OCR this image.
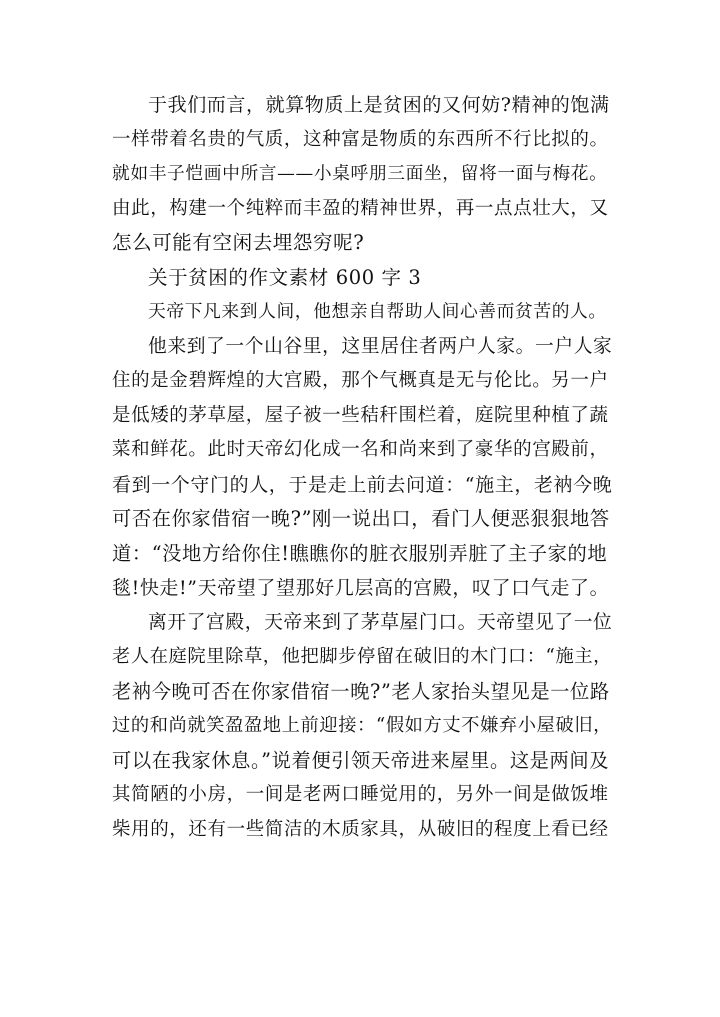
于我们而言，就算物质上是贫困的又何妨?精神的饱满
一样带着名贵的气质，这种富是物质的东西所不行比拟的。
就如丰子恺画中所言——小桌呼朋三面坐，留将一面与梅花。
由此，构建一个纯粹而丰盈的精神世界，再一点点壮大，又
怎么可能有空闲去埋怨穷呢?
关于贫困的作文素材 600 字 3
天帝下凡来到人间，他想亲自帮助人间心善而贫苦的人。
他来到了一个山谷里，这里居住者两户人家。一户人家
住的是金碧辉煌的大宫殿，那个气概真是无与伦比。另一户
是低矮的茅草屋，屋子被一些秸秆围栏着，庭院里种植了蔬
菜和鲜花。此时天帝幻化成一名和尚来到了豪华的宫殿前，
看到一个守门的人，于是走上前去问道：“施主，老衲今晚
可否在你家借宿一晚?”刚一说出口，看门人便恶狠狠地答
道：“没地方给你住!瞧瞧你的脏衣服别弄脏了主子家的地
毯!快走!”天帝望了望那好几层高的宫殿，叹了口气走了。
离开了宫殿，天帝来到了茅草屋门口。天帝望见了一位
老人在庭院里除草，他把脚步停留在破旧的木门口：“施主，
老衲今晚可否在你家借宿一晚?”老人家抬头望见是一位路
过的和尚就笑盈盈地上前迎接：“假如方丈不嫌弃小屋破旧，
可以在我家休息。”说着便引领天帝进来屋里。这是两间及
其简陋的小房，一间是老两口睡觉用的，另外一间是做饭堆
柴用的，还有一些简洁的木质家具，从破旧的程度上看已经
